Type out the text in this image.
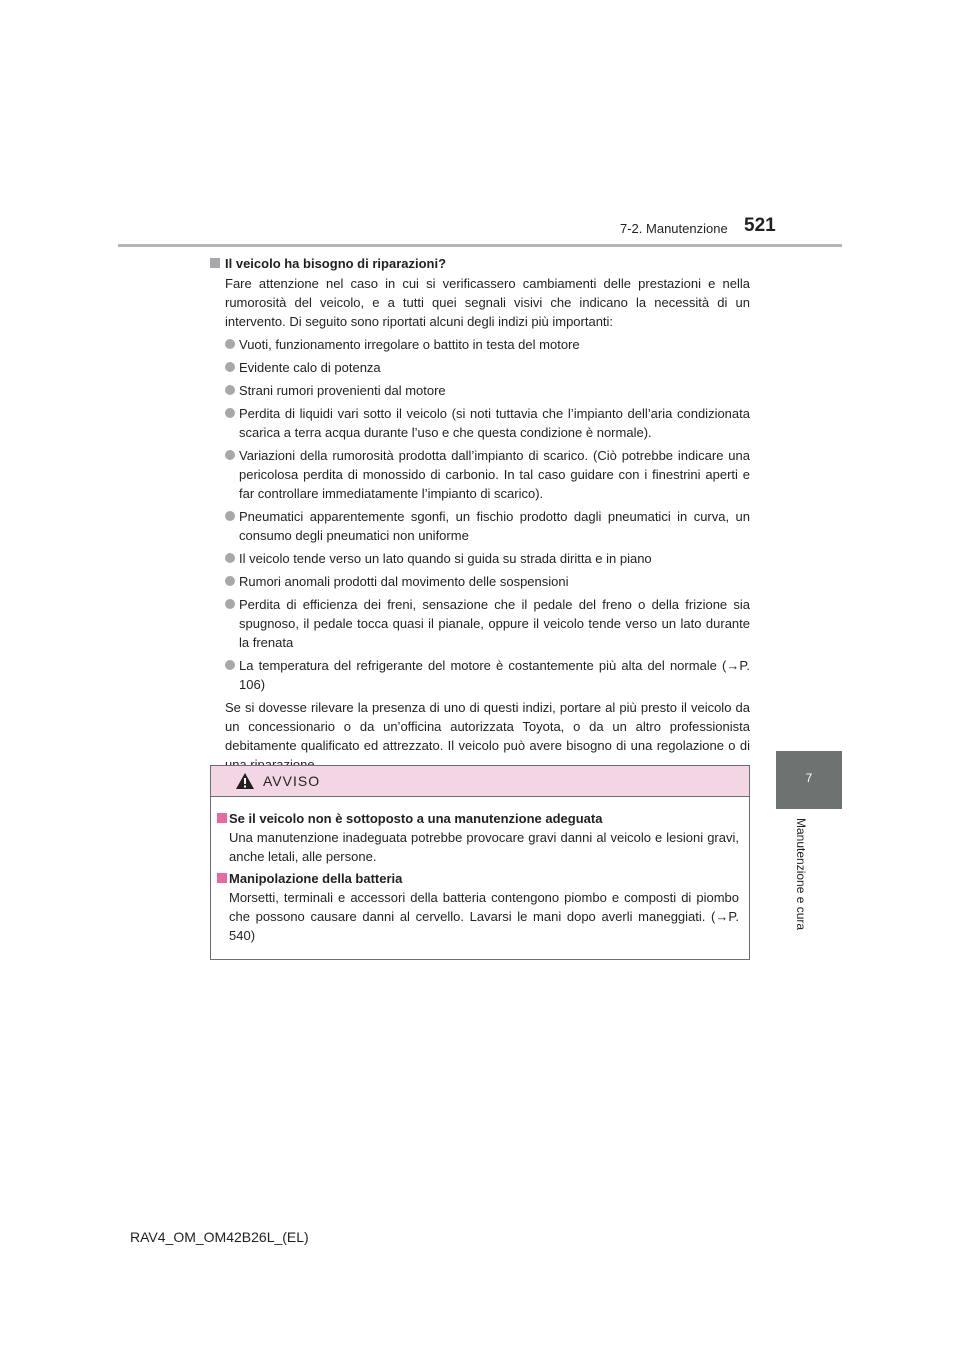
7-2. Manutenzione 521
7
Manutenzione e cura
Il veicolo ha bisogno di riparazioni?
Fare attenzione nel caso in cui si verificassero cambiamenti delle prestazioni e nella rumorosità del veicolo, e a tutti quei segnali visivi che indicano la necessità di un intervento. Di seguito sono riportati alcuni degli indizi più importanti:
Vuoti, funzionamento irregolare o battito in testa del motore
Evidente calo di potenza
Strani rumori provenienti dal motore
Perdita di liquidi vari sotto il veicolo (si noti tuttavia che l’impianto dell’aria condizionata scarica a terra acqua durante l’uso e che questa condizione è normale).
Variazioni della rumorosità prodotta dall’impianto di scarico. (Ciò potrebbe indicare una pericolosa perdita di monossido di carbonio. In tal caso guidare con i finestrini aperti e far controllare immediatamente l’impianto di scarico).
Pneumatici apparentemente sgonfi, un fischio prodotto dagli pneumatici in curva, un consumo degli pneumatici non uniforme
Il veicolo tende verso un lato quando si guida su strada diritta e in piano
Rumori anomali prodotti dal movimento delle sospensioni
Perdita di efficienza dei freni, sensazione che il pedale del freno o della frizione sia spugnoso, il pedale tocca quasi il pianale, oppure il veicolo tende verso un lato durante la frenata
La temperatura del refrigerante del motore è costantemente più alta del normale (→P. 106)
Se si dovesse rilevare la presenza di uno di questi indizi, portare al più presto il veicolo da un concessionario o da un’officina autorizzata Toyota, o da un altro professionista debitamente qualificato ed attrezzato. Il veicolo può avere bisogno di una regolazione o di
AVVISO
Se il veicolo non è sottoposto a una manutenzione adeguata
Una manutenzione inadeguata potrebbe provocare gravi danni al veicolo e lesioni gravi, anche letali, alle persone.
Manipolazione della batteria
Morsetti, terminali e accessori della batteria contengono piombo e composti di piombo che possono causare danni al cervello. Lavarsi le mani dopo averli maneggiati. (→P. 540)
RAV4_OM_OM42B26L_(EL)
